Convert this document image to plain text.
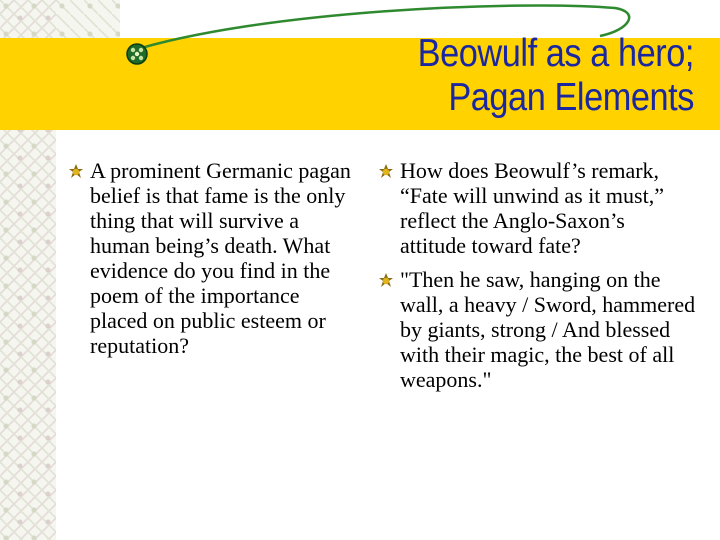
Beowulf as a hero;
Pagan Elements
A prominent Germanic pagan belief is that fame is the only thing that will survive a human being’s death. What evidence do you find in the poem of the importance placed on public esteem or reputation?
How does Beowulf’s remark, “Fate will unwind as it must,” reflect the Anglo-Saxon’s attitude toward fate?
"Then he saw, hanging on the wall, a heavy / Sword, hammered by giants, strong / And blessed with their magic, the best of all weapons."
